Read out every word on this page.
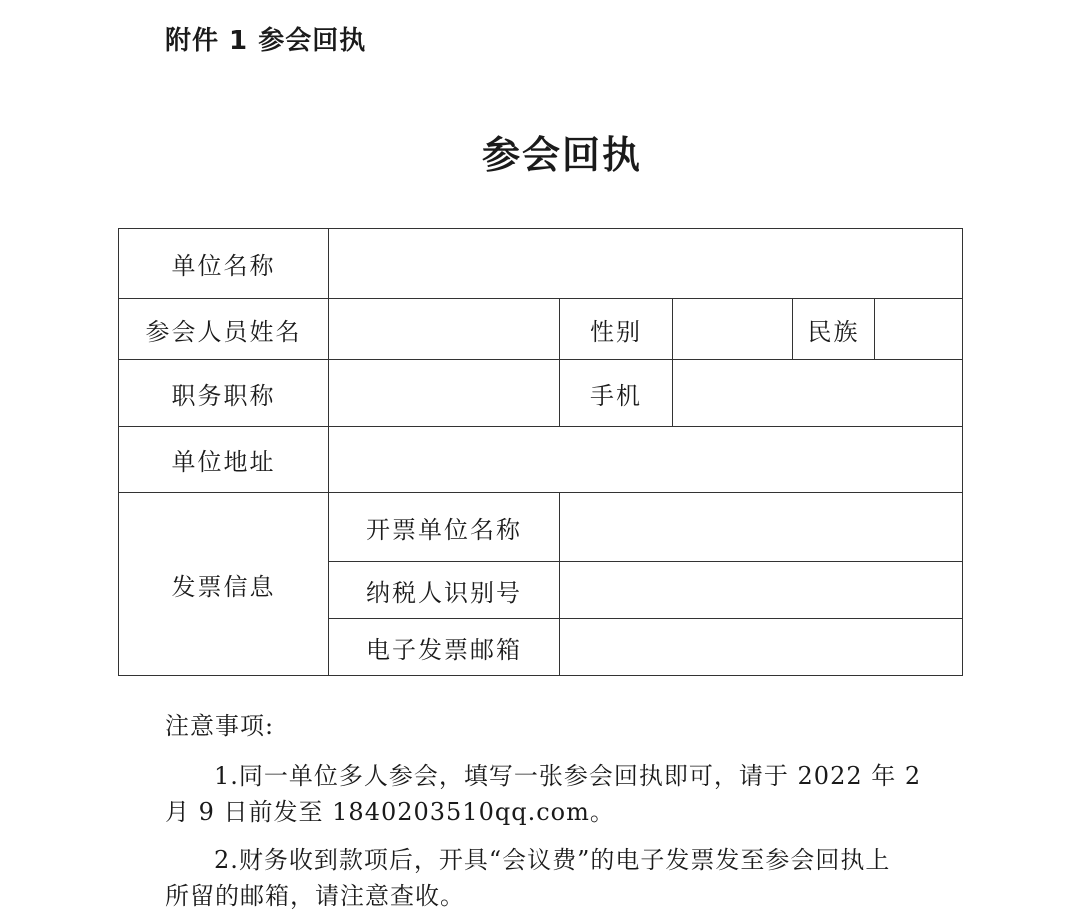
附件 1 参会回执
参会回执
单位名称					
参会人员姓名		性别		民族	
职务职称		手机			
单位地址					
发票信息	开票单位名称				
	纳税人识别号				
	电子发票邮箱				
注意事项:
1.同一单位多人参会，填写一张参会回执即可，请于 2022 年 2
月 9 日前发至 1840203510qq.com。
2.财务收到款项后，开具“会议费”的电子发票发至参会回执上
所留的邮箱，请注意查收。
